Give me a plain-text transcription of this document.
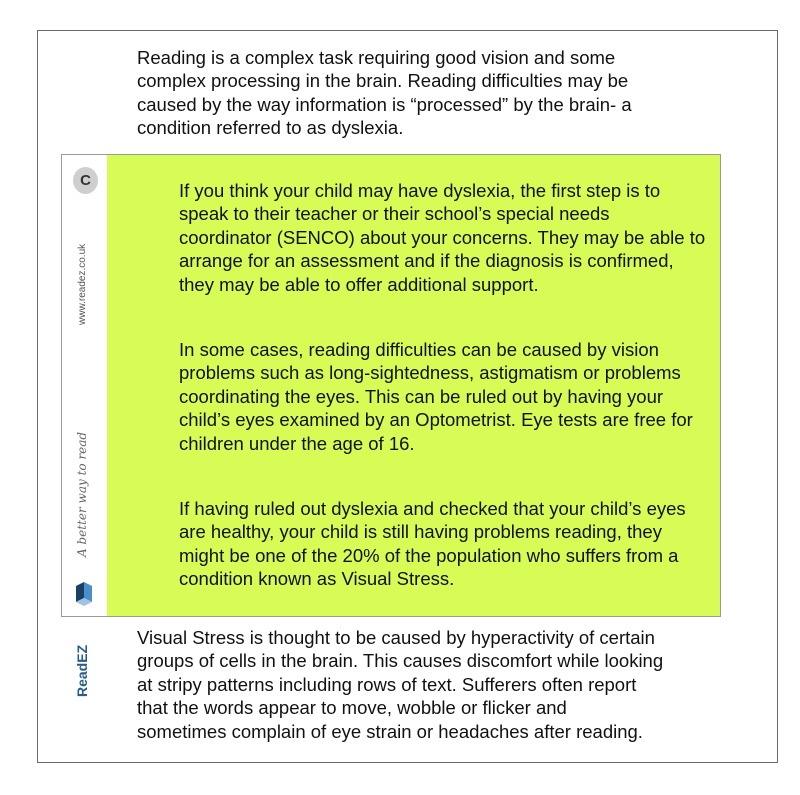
Reading is a complex task requiring good vision and some
complex processing in the brain. Reading difficulties may be
caused by the way information is “processed” by the brain- a
condition referred to as dyslexia.

C
www.readez.co.uk
A better way to read
ReadEZ

If you think your child may have dyslexia, the first step is to
speak to their teacher or their school’s special needs
coordinator (SENCO) about your concerns. They may be able to
arrange for an assessment and if the diagnosis is confirmed,
they may be able to offer additional support.

In some cases, reading difficulties can be caused by vision
problems such as long-sightedness, astigmatism or problems
coordinating the eyes. This can be ruled out by having your
child’s eyes examined by an Optometrist. Eye tests are free for
children under the age of 16.

If having ruled out dyslexia and checked that your child’s eyes
are healthy, your child is still having problems reading, they
might be one of the 20% of the population who suffers from a
condition known as Visual Stress.

Visual Stress is thought to be caused by hyperactivity of certain
groups of cells in the brain. This causes discomfort while looking
at stripy patterns including rows of text. Sufferers often report
that the words appear to move, wobble or flicker and
sometimes complain of eye strain or headaches after reading.
